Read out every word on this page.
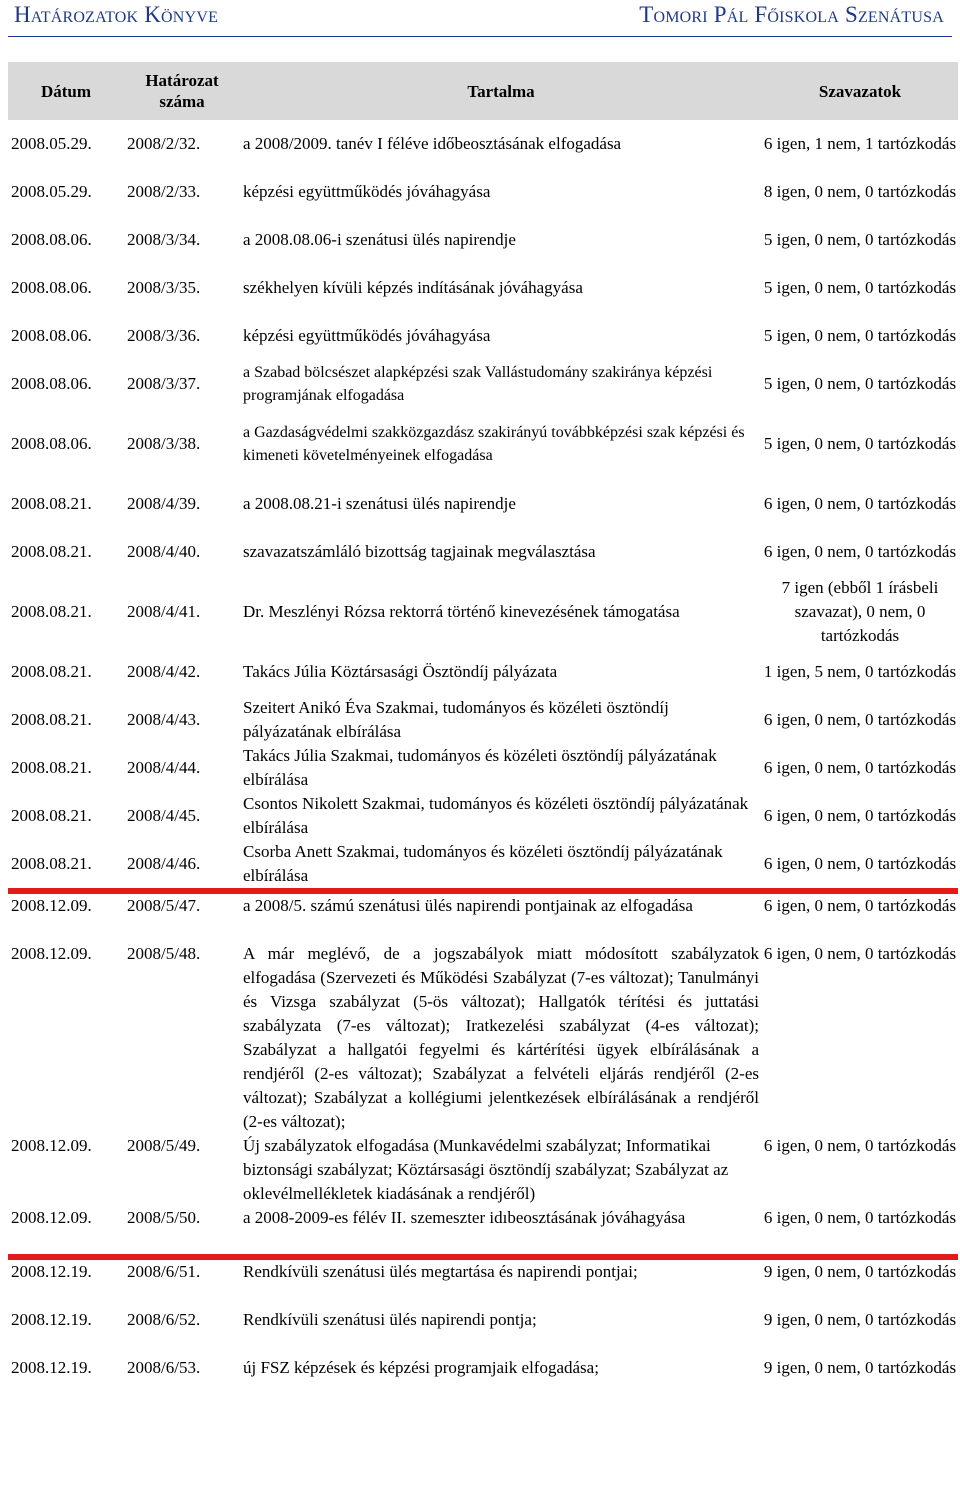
Határozatok Könyve	Tomori Pál Főiskola Szenátusa
Dátum	Határozat száma	Tartalma	Szavazatok
2008.05.29.	2008/2/32.	a 2008/2009. tanév I féléve időbeosztásának elfogadása	6 igen, 1 nem, 1 tartózkodás
2008.05.29.	2008/2/33.	képzési együttműködés jóváhagyása	8 igen, 0 nem, 0 tartózkodás
2008.08.06.	2008/3/34.	a 2008.08.06-i szenátusi ülés napirendje	5 igen, 0 nem, 0 tartózkodás
2008.08.06.	2008/3/35.	székhelyen kívüli képzés indításának jóváhagyása	5 igen, 0 nem, 0 tartózkodás
2008.08.06.	2008/3/36.	képzési együttműködés jóváhagyása	5 igen, 0 nem, 0 tartózkodás
2008.08.06.	2008/3/37.	a Szabad bölcsészet alapképzési szak Vallástudomány szakiránya képzési programjának elfogadása	5 igen, 0 nem, 0 tartózkodás
2008.08.06.	2008/3/38.	a Gazdaságvédelmi szakközgazdász szakirányú továbbképzési szak képzési és kimeneti követelményeinek elfogadása	5 igen, 0 nem, 0 tartózkodás
2008.08.21.	2008/4/39.	a 2008.08.21-i szenátusi ülés napirendje	6 igen, 0 nem, 0 tartózkodás
2008.08.21.	2008/4/40.	szavazatszámláló bizottság tagjainak megválasztása	6 igen, 0 nem, 0 tartózkodás
2008.08.21.	2008/4/41.	Dr. Meszlényi Rózsa rektorrá történő kinevezésének támogatása	7 igen (ebből 1 írásbeli szavazat), 0 nem, 0 tartózkodás
2008.08.21.	2008/4/42.	Takács Júlia Köztársasági Ösztöndíj pályázata	1 igen, 5 nem, 0 tartózkodás
2008.08.21.	2008/4/43.	Szeitert Anikó Éva Szakmai, tudományos és közéleti ösztöndíj pályázatának elbírálása	6 igen, 0 nem, 0 tartózkodás
2008.08.21.	2008/4/44.	Takács Júlia Szakmai, tudományos és közéleti ösztöndíj pályázatának elbírálása	6 igen, 0 nem, 0 tartózkodás
2008.08.21.	2008/4/45.	Csontos Nikolett Szakmai, tudományos és közéleti ösztöndíj pályázatának elbírálása	6 igen, 0 nem, 0 tartózkodás
2008.08.21.	2008/4/46.	Csorba Anett Szakmai, tudományos és közéleti ösztöndíj pályázatának elbírálása	6 igen, 0 nem, 0 tartózkodás
2008.12.09.	2008/5/47.	a 2008/5. számú szenátusi ülés napirendi pontjainak az elfogadása	6 igen, 0 nem, 0 tartózkodás
2008.12.09.	2008/5/48.	A már meglévő, de a jogszabályok miatt módosított szabályzatok elfogadása (Szervezeti és Működési Szabályzat (7-es változat); Tanulmányi és Vizsga szabályzat (5-ös változat); Hallgatók térítési és juttatási szabályzata (7-es változat); Iratkezelési szabályzat (4-es változat); Szabályzat a hallgatói fegyelmi és kártérítési ügyek elbírálásának a rendjéről (2-es változat); Szabályzat a felvételi eljárás rendjéről (2-es változat); Szabályzat a kollégiumi jelentkezések elbírálásának a rendjéről (2-es változat);	6 igen, 0 nem, 0 tartózkodás
2008.12.09.	2008/5/49.	Új szabályzatok elfogadása (Munkavédelmi szabályzat; Informatikai biztonsági szabályzat; Köztársasági ösztöndíj szabályzat; Szabályzat az oklevélmellékletek kiadásának a rendjéről)	6 igen, 0 nem, 0 tartózkodás
2008.12.09.	2008/5/50.	a 2008-2009-es félév II. szemeszter idıbeosztásának jóváhagyása	6 igen, 0 nem, 0 tartózkodás
2008.12.19.	2008/6/51.	Rendkívüli szenátusi ülés megtartása és napirendi pontjai;	9 igen, 0 nem, 0 tartózkodás
2008.12.19.	2008/6/52.	Rendkívüli szenátusi ülés napirendi pontja;	9 igen, 0 nem, 0 tartózkodás
2008.12.19.	2008/6/53.	új FSZ képzések és képzési programjaik elfogadása;	9 igen, 0 nem, 0 tartózkodás
